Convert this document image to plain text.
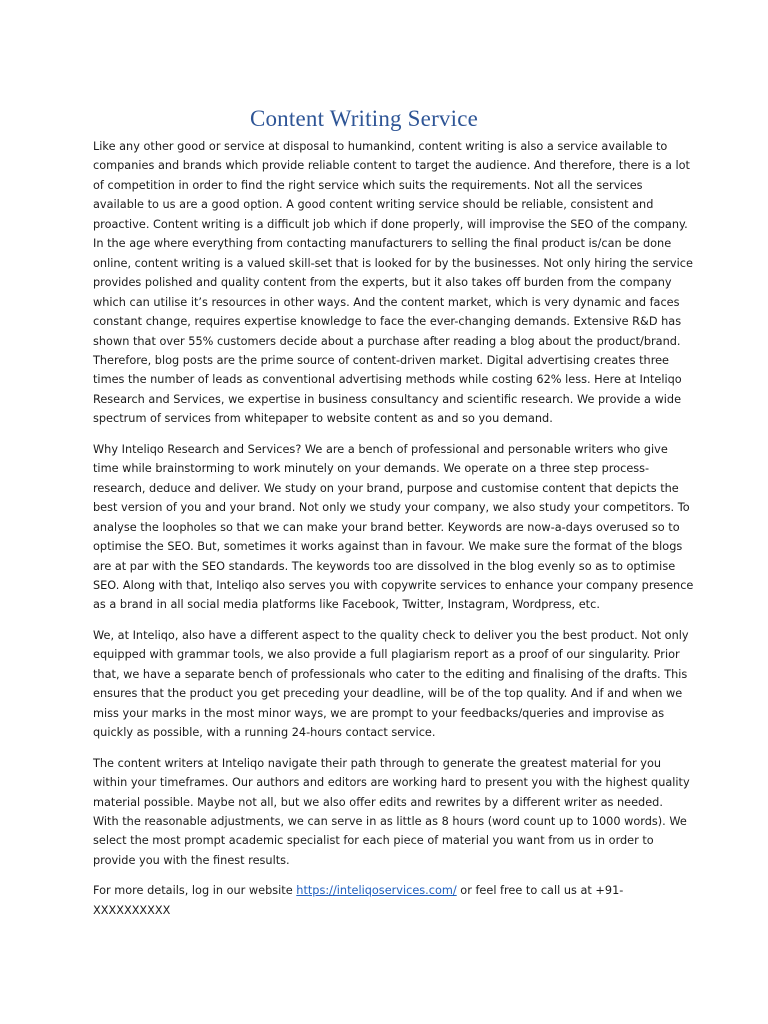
Content Writing Service

Like any other good or service at disposal to humankind, content writing is also a service available to
companies and brands which provide reliable content to target the audience. And therefore, there is a lot
of competition in order to find the right service which suits the requirements. Not all the services
available to us are a good option. A good content writing service should be reliable, consistent and
proactive. Content writing is a difficult job which if done properly, will improvise the SEO of the company.
In the age where everything from contacting manufacturers to selling the final product is/can be done
online, content writing is a valued skill-set that is looked for by the businesses. Not only hiring the service
provides polished and quality content from the experts, but it also takes off burden from the company
which can utilise it’s resources in other ways. And the content market, which is very dynamic and faces
constant change, requires expertise knowledge to face the ever-changing demands. Extensive R&D has
shown that over 55% customers decide about a purchase after reading a blog about the product/brand.
Therefore, blog posts are the prime source of content-driven market. Digital advertising creates three
times the number of leads as conventional advertising methods while costing 62% less. Here at Inteliqo
Research and Services, we expertise in business consultancy and scientific research. We provide a wide
spectrum of services from whitepaper to website content as and so you demand.

Why Inteliqo Research and Services? We are a bench of professional and personable writers who give
time while brainstorming to work minutely on your demands. We operate on a three step process-
research, deduce and deliver. We study on your brand, purpose and customise content that depicts the
best version of you and your brand. Not only we study your company, we also study your competitors. To
analyse the loopholes so that we can make your brand better. Keywords are now-a-days overused so to
optimise the SEO. But, sometimes it works against than in favour. We make sure the format of the blogs
are at par with the SEO standards. The keywords too are dissolved in the blog evenly so as to optimise
SEO. Along with that, Inteliqo also serves you with copywrite services to enhance your company presence
as a brand in all social media platforms like Facebook, Twitter, Instagram, Wordpress, etc.

We, at Inteliqo, also have a different aspect to the quality check to deliver you the best product. Not only
equipped with grammar tools, we also provide a full plagiarism report as a proof of our singularity. Prior
that, we have a separate bench of professionals who cater to the editing and finalising of the drafts. This
ensures that the product you get preceding your deadline, will be of the top quality. And if and when we
miss your marks in the most minor ways, we are prompt to your feedbacks/queries and improvise as
quickly as possible, with a running 24-hours contact service.

The content writers at Inteliqo navigate their path through to generate the greatest material for you
within your timeframes. Our authors and editors are working hard to present you with the highest quality
material possible. Maybe not all, but we also offer edits and rewrites by a different writer as needed.
With the reasonable adjustments, we can serve in as little as 8 hours (word count up to 1000 words). We
select the most prompt academic specialist for each piece of material you want from us in order to
provide you with the finest results.

For more details, log in our website https://inteliqoservices.com/ or feel free to call us at +91-
XXXXXXXXXX
